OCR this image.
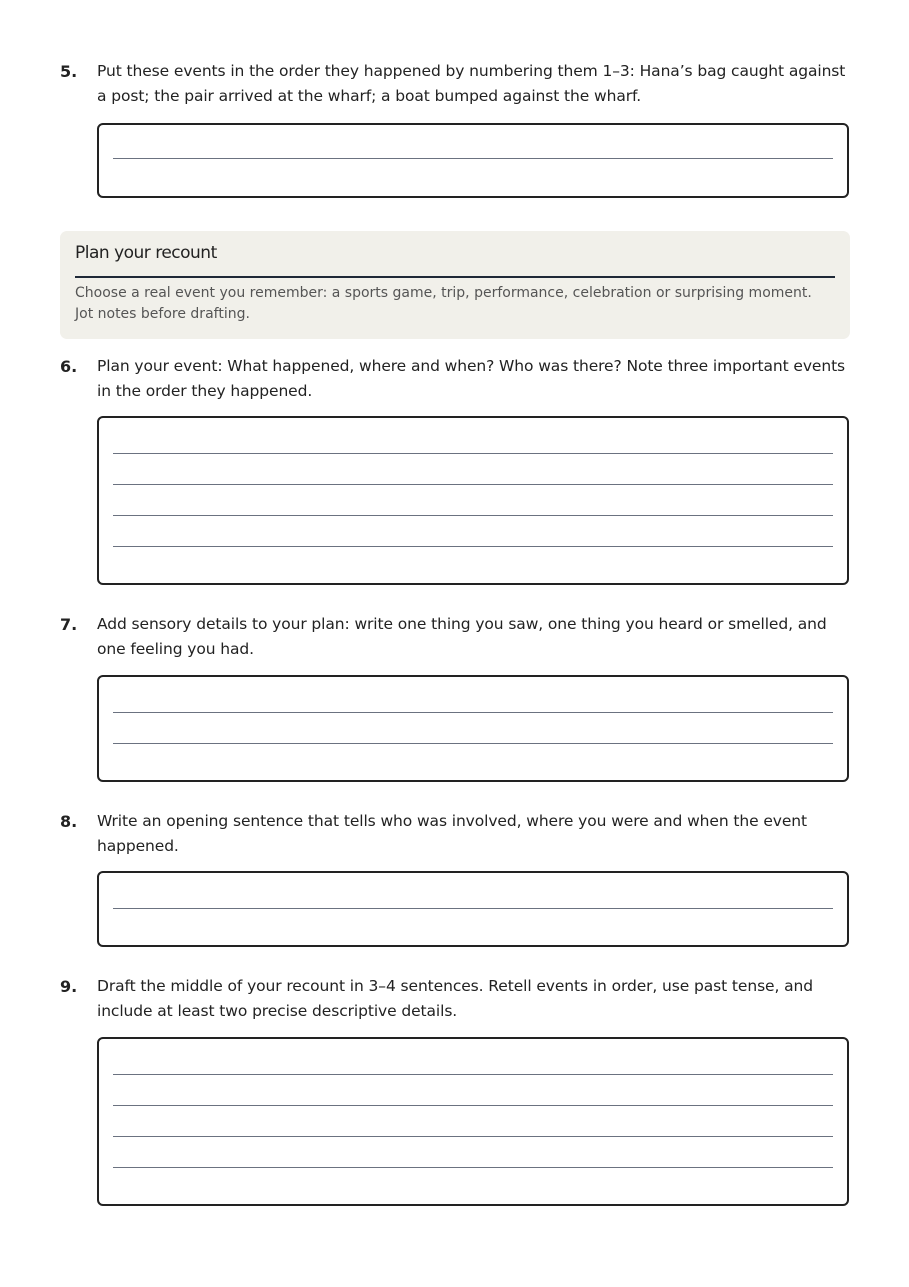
5. Put these events in the order they happened by numbering them 1–3: Hana’s bag caught against a post; the pair arrived at the wharf; a boat bumped against the wharf.
Plan your recount
Choose a real event you remember: a sports game, trip, performance, celebration or surprising moment. Jot notes before drafting.
6. Plan your event: What happened, where and when? Who was there? Note three important events in the order they happened.
7. Add sensory details to your plan: write one thing you saw, one thing you heard or smelled, and one feeling you had.
8. Write an opening sentence that tells who was involved, where you were and when the event happened.
9. Draft the middle of your recount in 3–4 sentences. Retell events in order, use past tense, and include at least two precise descriptive details.
